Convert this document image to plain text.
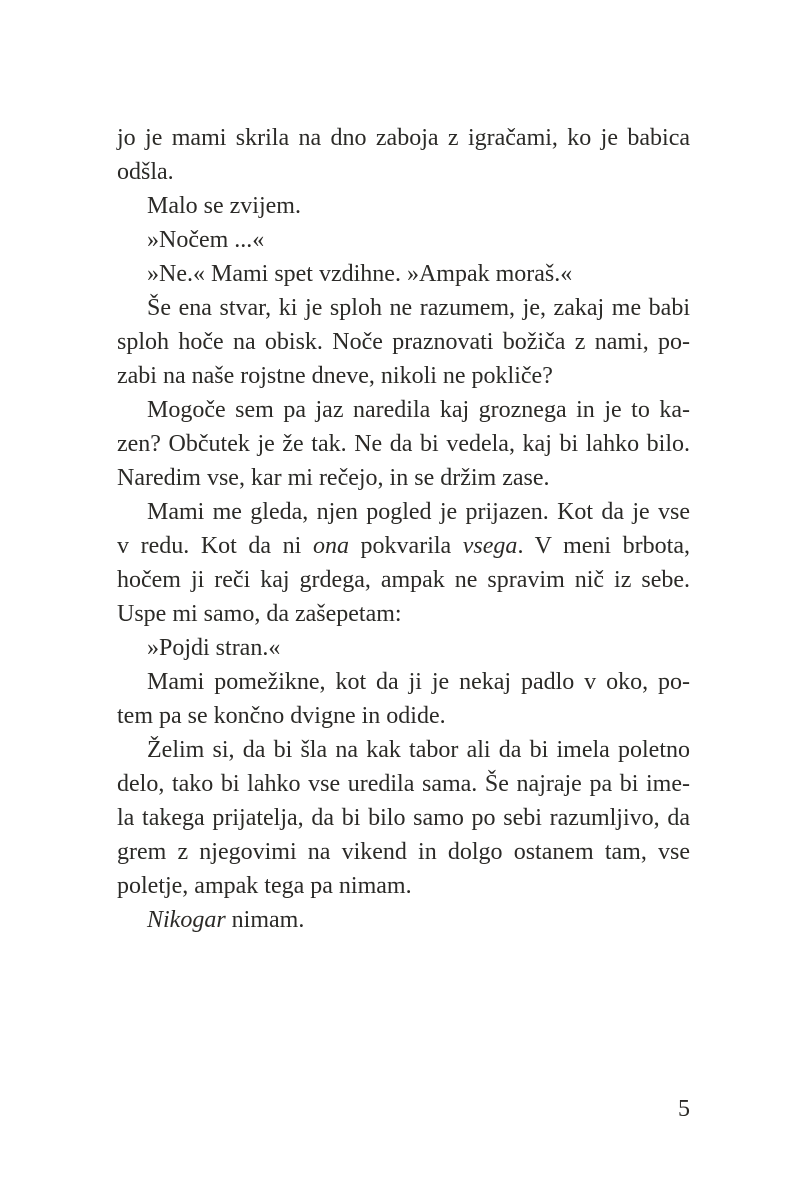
jo je mami skrila na dno zaboja z igračami, ko je babica
odšla.
Malo se zvijem.
»Nočem ...«
»Ne.« Mami spet vzdihne. »Ampak moraš.«
Še ena stvar, ki je sploh ne razumem, je, zakaj me babi
sploh hoče na obisk. Noče praznovati božiča z nami, po-
zabi na naše rojstne dneve, nikoli ne pokliče?
Mogoče sem pa jaz naredila kaj groznega in je to ka-
zen? Občutek je že tak. Ne da bi vedela, kaj bi lahko bilo.
Naredim vse, kar mi rečejo, in se držim zase.
Mami me gleda, njen pogled je prijazen. Kot da je vse
v redu. Kot da ni ona pokvarila vsega. V meni brbota,
hočem ji reči kaj grdega, ampak ne spravim nič iz sebe.
Uspe mi samo, da zašepetam:
»Pojdi stran.«
Mami pomežikne, kot da ji je nekaj padlo v oko, po-
tem pa se končno dvigne in odide.
Želim si, da bi šla na kak tabor ali da bi imela poletno
delo, tako bi lahko vse uredila sama. Še najraje pa bi ime-
la takega prijatelja, da bi bilo samo po sebi razumljivo, da
grem z njegovimi na vikend in dolgo ostanem tam, vse
poletje, ampak tega pa nimam.
Nikogar nimam.
5
